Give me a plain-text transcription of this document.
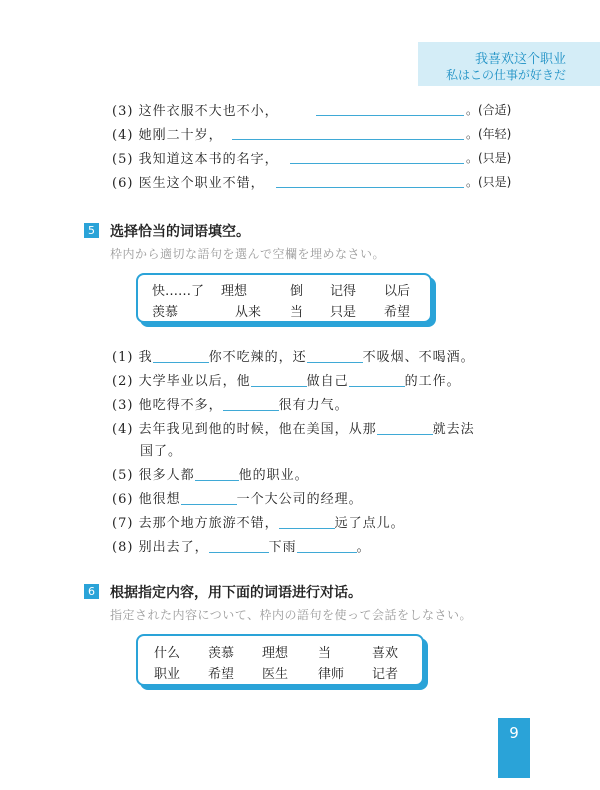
我喜欢这个职业
私はこの仕事が好きだ
(3) 这件衣服不大也不小，	。(合适)
(4) 她刚二十岁，	。(年轻)
(5) 我知道这本书的名字，	。(只是)
(6) 医生这个职业不错，	。(只是)
5 选择恰当的词语填空。
枠内から適切な語句を選んで空欄を埋めなさい。
快……了 理想	倒 记得 以后
羡慕	从来 当 只是 希望
(1) 我	你不吃辣的，还	不吸烟、不喝酒。
(2) 大学毕业以后，他	做自己	的工作。
(3) 他吃得不多，	很有力气。
(4) 去年我见到他的时候，他在美国，从那	就去法
国了。
(5) 很多人都	他的职业。
(6) 他很想	一个大公司的经理。
(7) 去那个地方旅游不错，	远了点儿。
(8) 别出去了，	下雨	。
6 根据指定内容，用下面的词语进行对话。
指定された内容について、枠内の語句を使って会話をしなさい。
什么 羡慕 理想 当	喜欢
职业 希望 医生 律师 记者
9
